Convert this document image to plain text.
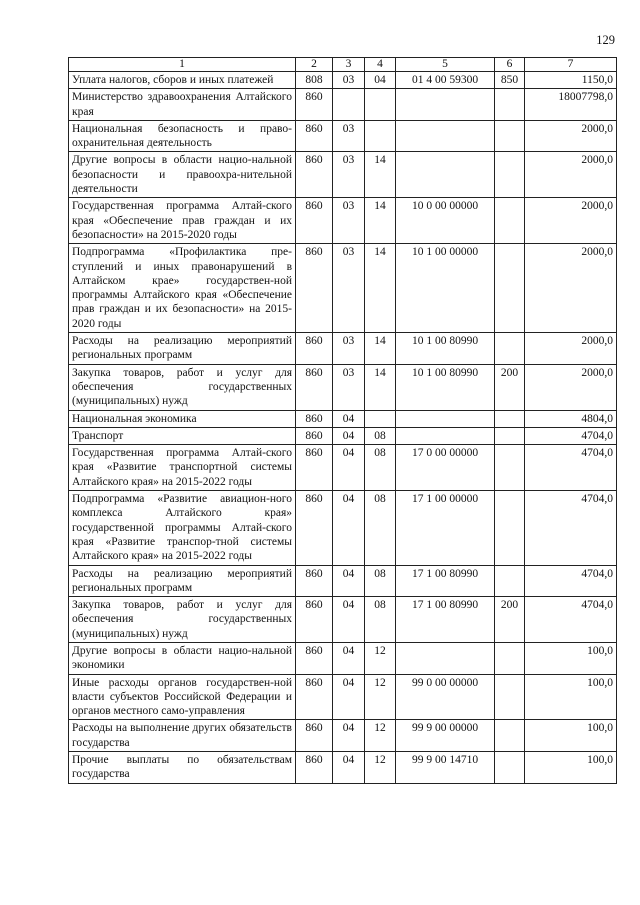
129
1	2	3	4	5	6	7
Уплата налогов, сборов и иных платежей	808	03	04	01 4 00 59300	850	1150,0
Министерство здравоохранения Алтайского края	860					18007798,0
Национальная безопасность и право-охранительная деятельность	860	03				2000,0
Другие вопросы в области нацио-нальной безопасности и правоохра-нительной деятельности	860	03	14			2000,0
Государственная программа Алтай-ского края «Обеспечение прав граждан и их безопасности» на 2015-2020 годы	860	03	14	10 0 00 00000		2000,0
Подпрограмма «Профилактика пре-ступлений и иных правонарушений в Алтайском крае» государствен-ной программы Алтайского края «Обеспечение прав граждан и их безопасности» на 2015-2020 годы	860	03	14	10 1 00 00000		2000,0
Расходы на реализацию мероприятий региональных программ	860	03	14	10 1 00 80990		2000,0
Закупка товаров, работ и услуг для обеспечения государственных (муниципальных) нужд	860	03	14	10 1 00 80990	200	2000,0
Национальная экономика	860	04				4804,0
Транспорт	860	04	08			4704,0
Государственная программа Алтай-ского края «Развитие транспортной системы Алтайского края» на 2015-2022 годы	860	04	08	17 0 00 00000		4704,0
Подпрограмма «Развитие авиацион-ного комплекса Алтайского края» государственной программы Алтай-ского края «Развитие транспор-тной системы Алтайского края» на 2015-2022 годы	860	04	08	17 1 00 00000		4704,0
Расходы на реализацию мероприятий региональных программ	860	04	08	17 1 00 80990		4704,0
Закупка товаров, работ и услуг для обеспечения государственных (муниципальных) нужд	860	04	08	17 1 00 80990	200	4704,0
Другие вопросы в области нацио-нальной экономики	860	04	12			100,0
Иные расходы органов государствен-ной власти субъектов Российской Федерации и органов местного само-управления	860	04	12	99 0 00 00000		100,0
Расходы на выполнение других обязательств государства	860	04	12	99 9 00 00000		100,0
Прочие выплаты по обязательствам государства	860	04	12	99 9 00 14710		100,0
